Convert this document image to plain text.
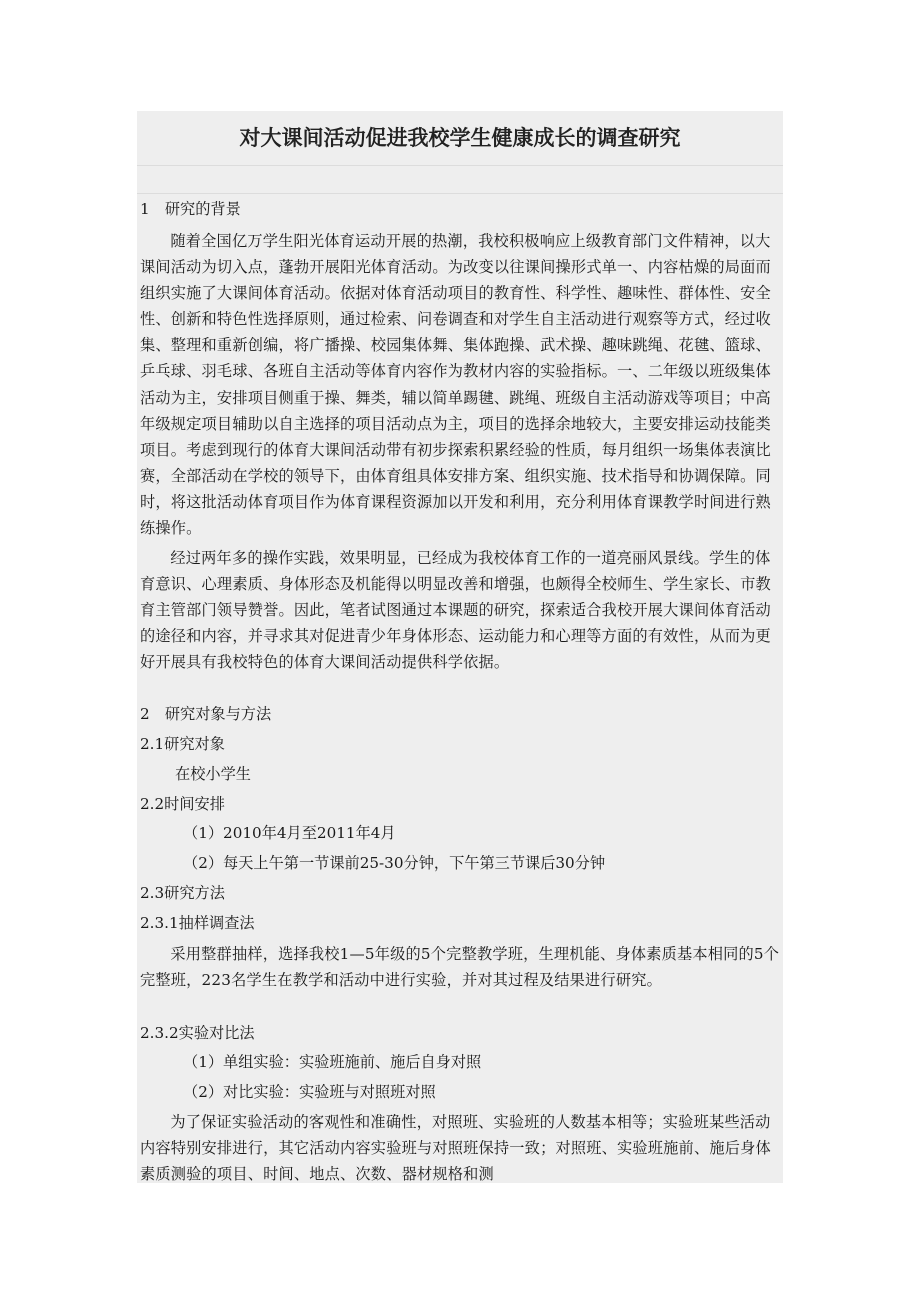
对大课间活动促进我校学生健康成长的调查研究
1　研究的背景
随着全国亿万学生阳光体育运动开展的热潮，我校积极响应上级教育部门文件精神，以大课间活动为切入点，蓬勃开展阳光体育活动。为改变以往课间操形式单一、内容枯燥的局面而组织实施了大课间体育活动。依据对体育活动项目的教育性、科学性、趣味性、群体性、安全性、创新和特色性选择原则，通过检索、问卷调查和对学生自主活动进行观察等方式，经过收集、整理和重新创编，将广播操、校园集体舞、集体跑操、武术操、趣味跳绳、花毽、篮球、乒乓球、羽毛球、各班自主活动等体育内容作为教材内容的实验指标。一、二年级以班级集体活动为主，安排项目侧重于操、舞类，辅以简单踢毽、跳绳、班级自主活动游戏等项目；中高年级规定项目辅助以自主选择的项目活动点为主，项目的选择余地较大，主要安排运动技能类项目。考虑到现行的体育大课间活动带有初步探索积累经验的性质，每月组织一场集体表演比赛，全部活动在学校的领导下，由体育组具体安排方案、组织实施、技术指导和协调保障。同时，将这批活动体育项目作为体育课程资源加以开发和利用，充分利用体育课教学时间进行熟练操作。
经过两年多的操作实践，效果明显，已经成为我校体育工作的一道亮丽风景线。学生的体育意识、心理素质、身体形态及机能得以明显改善和增强，也颇得全校师生、学生家长、市教育主管部门领导赞誉。因此，笔者试图通过本课题的研究，探索适合我校开展大课间体育活动的途径和内容，并寻求其对促进青少年身体形态、运动能力和心理等方面的有效性，从而为更好开展具有我校特色的体育大课间活动提供科学依据。
2　研究对象与方法
2.1研究对象
在校小学生
2.2时间安排
（1）2010年4月至2011年4月
（2）每天上午第一节课前25-30分钟，下午第三节课后30分钟
2.3研究方法
2.3.1抽样调查法
采用整群抽样，选择我校1—5年级的5个完整教学班，生理机能、身体素质基本相同的5个完整班，223名学生在教学和活动中进行实验，并对其过程及结果进行研究。
2.3.2实验对比法
（1）单组实验：实验班施前、施后自身对照
（2）对比实验：实验班与对照班对照
为了保证实验活动的客观性和准确性，对照班、实验班的人数基本相等；实验班某些活动内容特别安排进行，其它活动内容实验班与对照班保持一致；对照班、实验班施前、施后身体素质测验的项目、时间、地点、次数、器材规格和测
